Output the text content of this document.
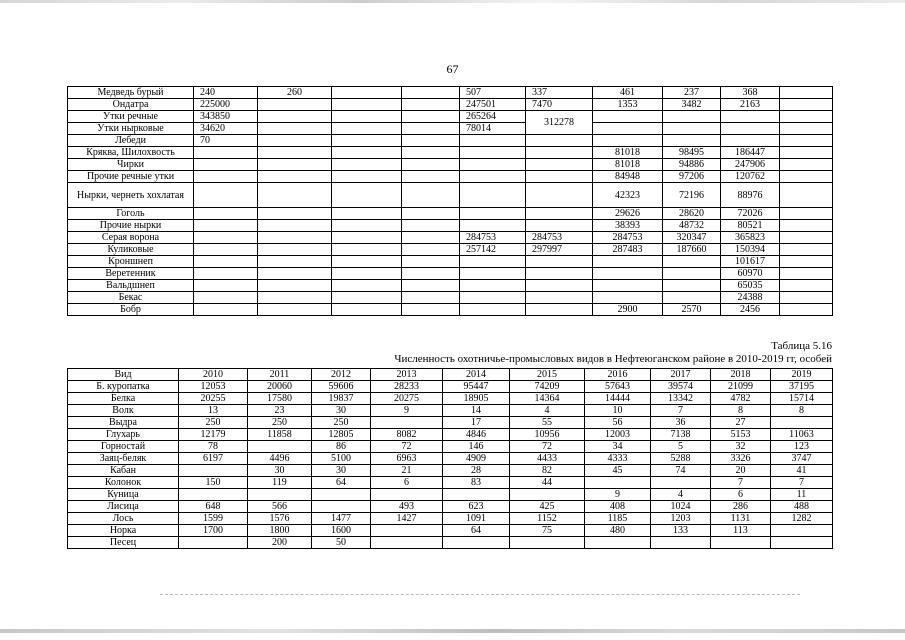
67
Медведь бурый	240	260			507	337	461	237	368	
Ондатра	225000				247501	7470	1353	3482	2163	
Утки речные	343850				265264	312278				
Утки нырковые	34620				78014					
Лебеди	70									
Кряква, Шилохвость							81018	98495	186447	
Чирки							81018	94886	247906	
Прочие речные утки							84948	97206	120762	
Нырки, чернеть хохлатая							42323	72196	88976	
Гоголь							29626	28620	72026	
Прочие нырки							38393	48732	80521	
Серая ворона					284753	284753	284753	320347	365823	
Куликовые					257142	297997	287483	187660	150394	
Кроншнеп									101617	
Веретенник									60970	
Вальдшнеп									65035	
Бекас									24388	
Бобр							2900	2570	2456	
Таблица 5.16
Численность охотничье-промысловых видов в Нефтеюганском районе в 2010-2019 гг, особей
Вид	2010	2011	2012	2013	2014	2015	2016	2017	2018	2019
Б. куропатка	12053	20060	59606	28233	95447	74209	57643	39574	21099	37195
Белка	20255	17580	19837	20275	18905	14364	14444	13342	4782	15714
Волк	13	23	30	9	14	4	10	7	8	8
Выдра	250	250	250		17	55	56	36	27	
Глухарь	12179	11858	12805	8082	4846	10956	12003	7138	5153	11063
Горностай	78		86	72	146	72	34	5	32	123
Заяц-беляк	6197	4496	5100	6963	4909	4433	4333	5288	3326	3747
Кабан		30	30	21	28	82	45	74	20	41
Колонок	150	119	64	6	83	44			7	7
Куница							9	4	6	11
Лисица	648	566		493	623	425	408	1024	286	488
Лось	1599	1576	1477	1427	1091	1152	1185	1203	1131	1282
Норка	1700	1800	1600		64	75	480	133	113	
Песец		200	50							
